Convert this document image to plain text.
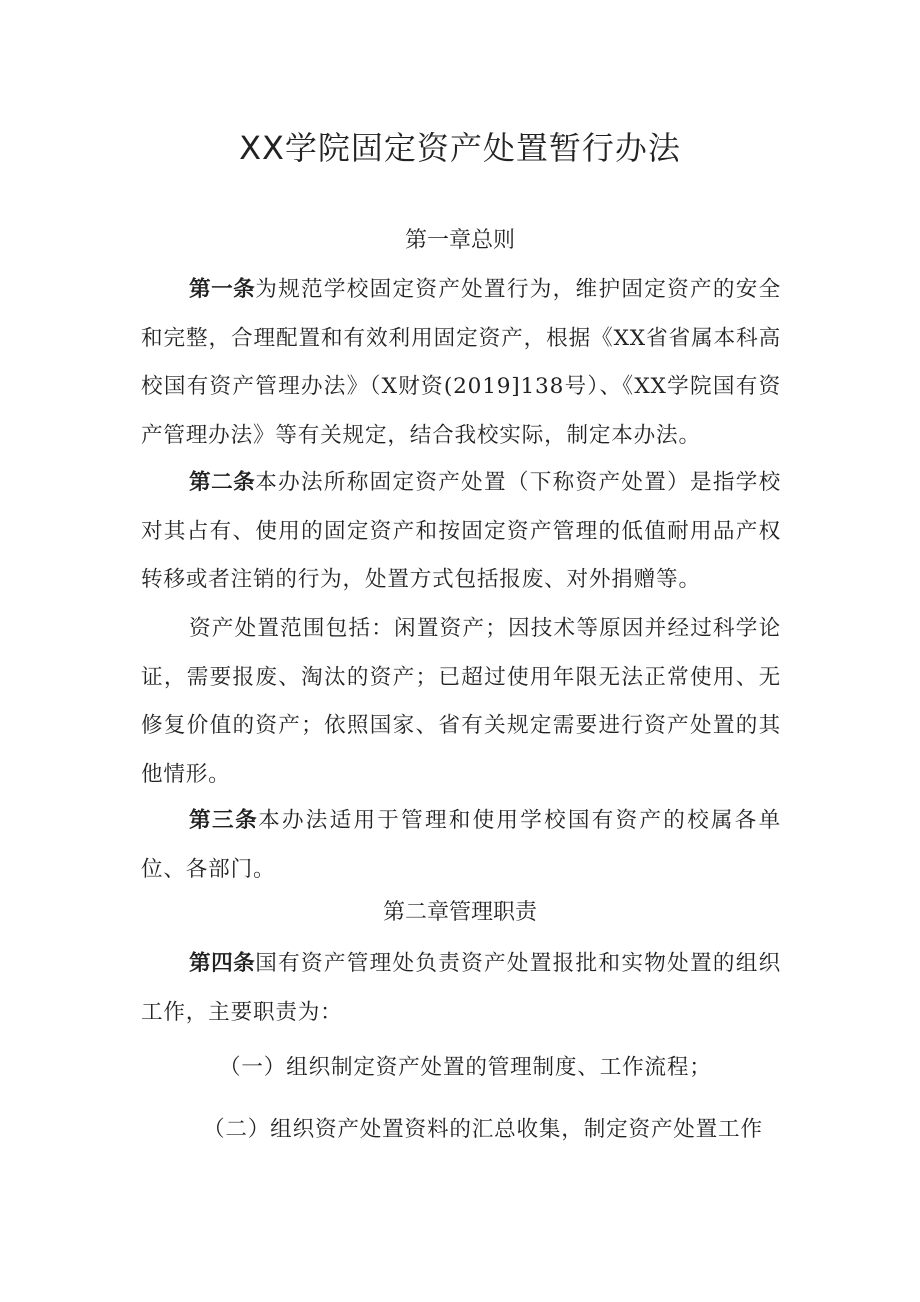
XX学院固定资产处置暂行办法
第一章总则

第一条为规范学校固定资产处置行为，维护固定资产的安全和完整，合理配置和有效利用固定资产，根据《XX省省属本科高校国有资产管理办法》（X财资(2019]138号）、《XX学院国有资产管理办法》等有关规定，结合我校实际，制定本办法。

第二条本办法所称固定资产处置（下称资产处置）是指学校对其占有、使用的固定资产和按固定资产管理的低值耐用品产权转移或者注销的行为，处置方式包括报废、对外捐赠等。

资产处置范围包括：闲置资产；因技术等原因并经过科学论证，需要报废、淘汰的资产；已超过使用年限无法正常使用、无修复价值的资产；依照国家、省有关规定需要进行资产处置的其他情形。

第三条本办法适用于管理和使用学校国有资产的校属各单位、各部门。

第二章管理职责

第四条国有资产管理处负责资产处置报批和实物处置的组织工作，主要职责为：

（一）组织制定资产处置的管理制度、工作流程；

（二）组织资产处置资料的汇总收集，制定资产处置工作
